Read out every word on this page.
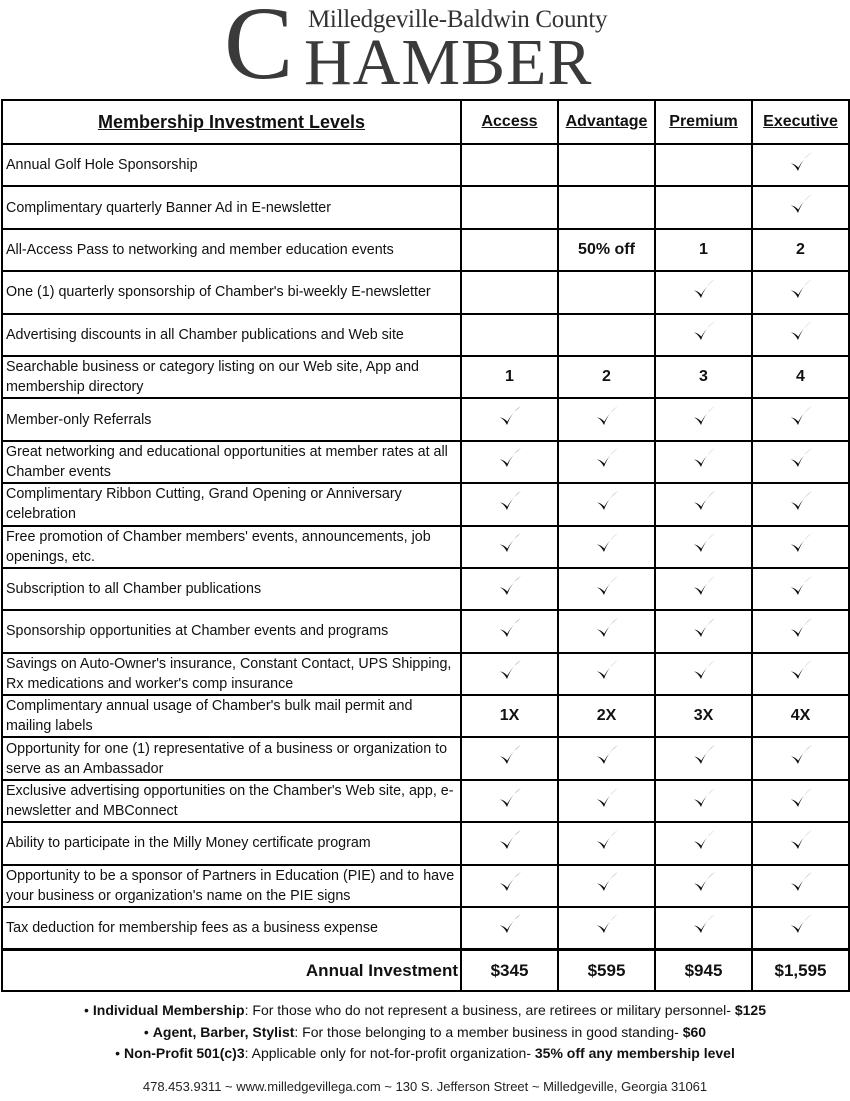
C Milledgeville-Baldwin County
HAMBER
Membership Investment Levels	Access	Advantage	Premium	Executive
Annual Golf Hole Sponsorship				

Complimentary quarterly Banner Ad in E-newsletter				

All-Access Pass to networking and member education events		50% off	1	2
One (1) quarterly sponsorship of Chamber's bi-weekly E-newsletter			

Advertising discounts in all Chamber publications and Web site			

Searchable business or category listing on our Web site, App and membership directory	1	2	3	4
Member-only Referrals	

Great networking and educational opportunities at member rates at all Chamber events	

Complimentary Ribbon Cutting, Grand Opening or Anniversary celebration	

Free promotion of Chamber members' events, announcements, job openings, etc.	

Subscription to all Chamber publications	

Sponsorship opportunities at Chamber events and programs	

Savings on Auto-Owner's insurance, Constant Contact, UPS Shipping, Rx medications and worker's comp insurance	

Complimentary annual usage of Chamber's bulk mail permit and mailing labels	1X	2X	3X	4X
Opportunity for one (1) representative of a business or organization to serve as an Ambassador	

Exclusive advertising opportunities on the Chamber's Web site, app, e-newsletter and MBConnect	

Ability to participate in the Milly Money certificate program	

Opportunity to be a sponsor of Partners in Education (PIE) and to have your business or organization's name on the PIE signs	

Tax deduction for membership fees as a business expense	

Annual Investment	$345	$595	$945	$1,595
• Individual Membership: For those who do not represent a business, are retirees or military personnel- $125
• Agent, Barber, Stylist: For those belonging to a member business in good standing- $60
• Non-Profit 501(c)3: Applicable only for not-for-profit organization- 35% off any membership level
478.453.9311 ~ www.milledgevillega.com ~ 130 S. Jefferson Street ~ Milledgeville, Georgia 31061
